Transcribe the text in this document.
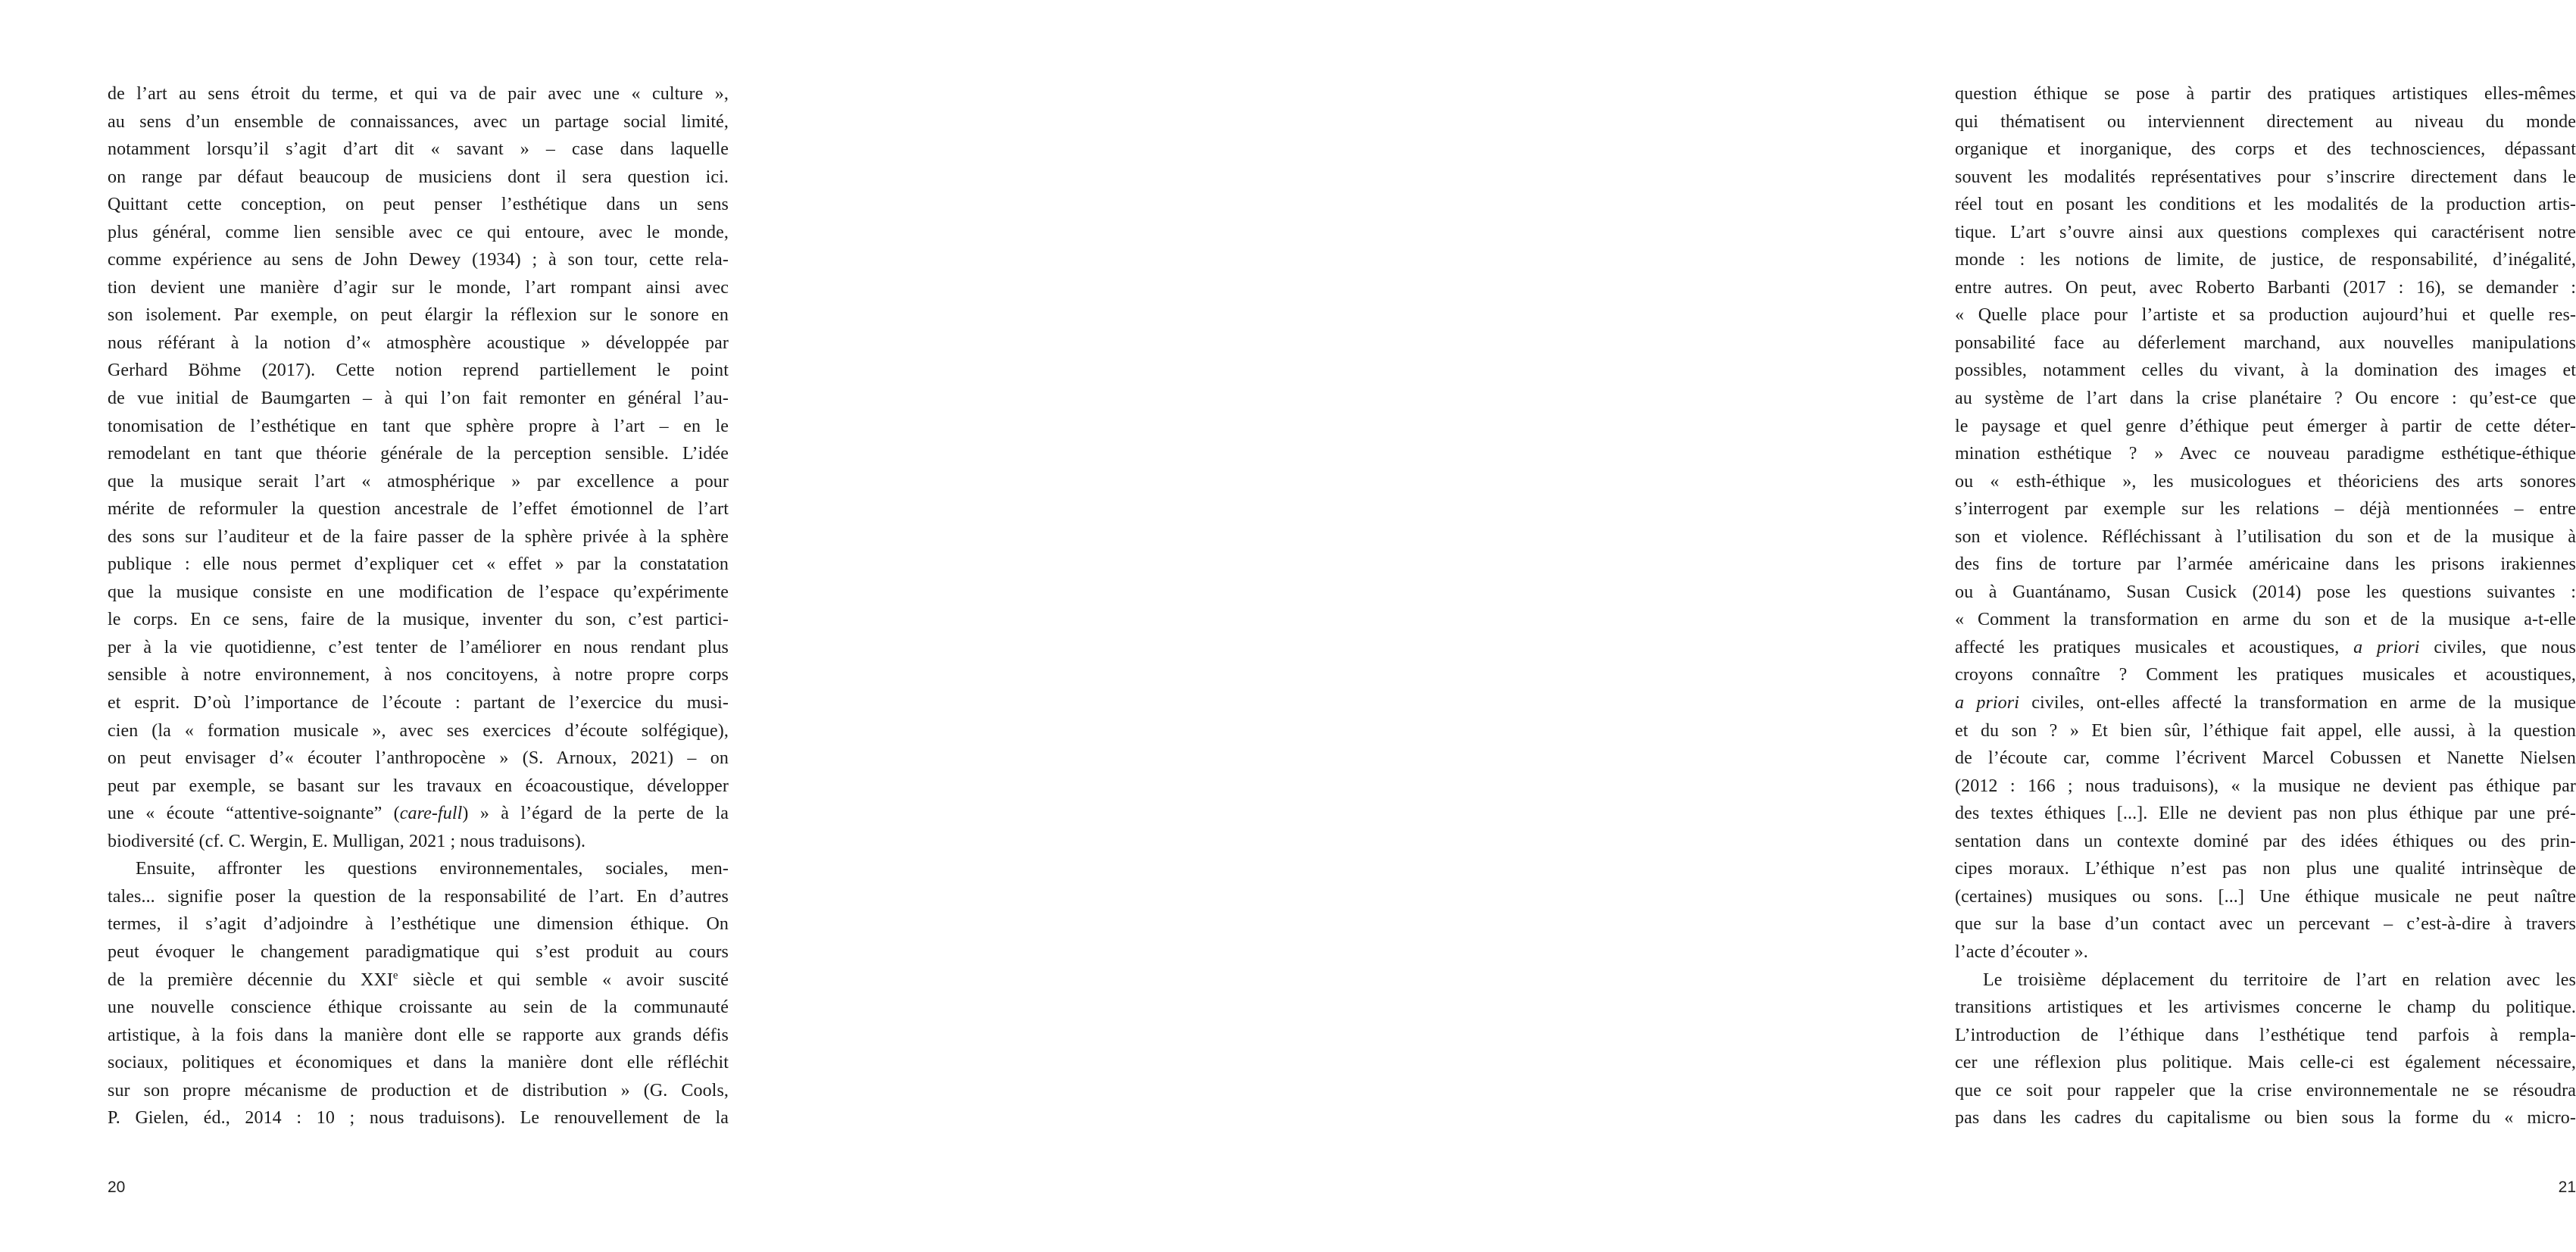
de l’art au sens étroit du terme, et qui va de pair avec une « culture »,
au sens d’un ensemble de connaissances, avec un partage social limité,
notamment lorsqu’il s’agit d’art dit « savant » – case dans laquelle
on range par défaut beaucoup de musiciens dont il sera question ici.
Quittant cette conception, on peut penser l’esthétique dans un sens
plus général, comme lien sensible avec ce qui entoure, avec le monde,
comme expérience au sens de John Dewey (1934) ; à son tour, cette rela-
tion devient une manière d’agir sur le monde, l’art rompant ainsi avec
son isolement. Par exemple, on peut élargir la réflexion sur le sonore en
nous référant à la notion d’« atmosphère acoustique » développée par
Gerhard Böhme (2017). Cette notion reprend partiellement le point
de vue initial de Baumgarten – à qui l’on fait remonter en général l’au-
tonomisation de l’esthétique en tant que sphère propre à l’art – en le
remodelant en tant que théorie générale de la perception sensible. L’idée
que la musique serait l’art « atmosphérique » par excellence a pour
mérite de reformuler la question ancestrale de l’effet émotionnel de l’art
des sons sur l’auditeur et de la faire passer de la sphère privée à la sphère
publique : elle nous permet d’expliquer cet « effet » par la constatation
que la musique consiste en une modification de l’espace qu’expérimente
le corps. En ce sens, faire de la musique, inventer du son, c’est partici-
per à la vie quotidienne, c’est tenter de l’améliorer en nous rendant plus
sensible à notre environnement, à nos concitoyens, à notre propre corps
et esprit. D’où l’importance de l’écoute : partant de l’exercice du musi-
cien (la « formation musicale », avec ses exercices d’écoute solfégique),
on peut envisager d’« écouter l’anthropocène » (S. Arnoux, 2021) – on
peut par exemple, se basant sur les travaux en écoacoustique, développer
une « écoute “attentive-soignante” (care-full) » à l’égard de la perte de la
biodiversité (cf. C. Wergin, E. Mulligan, 2021 ; nous traduisons).
Ensuite, affronter les questions environnementales, sociales, men-
tales... signifie poser la question de la responsabilité de l’art. En d’autres
termes, il s’agit d’adjoindre à l’esthétique une dimension éthique. On
peut évoquer le changement paradigmatique qui s’est produit au cours
de la première décennie du XXIe siècle et qui semble « avoir suscité
une nouvelle conscience éthique croissante au sein de la communauté
artistique, à la fois dans la manière dont elle se rapporte aux grands défis
sociaux, politiques et économiques et dans la manière dont elle réfléchit
sur son propre mécanisme de production et de distribution » (G. Cools,
P. Gielen, éd., 2014 : 10 ; nous traduisons). Le renouvellement de la
20
question éthique se pose à partir des pratiques artistiques elles-mêmes
qui thématisent ou interviennent directement au niveau du monde
organique et inorganique, des corps et des technosciences, dépassant
souvent les modalités représentatives pour s’inscrire directement dans le
réel tout en posant les conditions et les modalités de la production artis-
tique. L’art s’ouvre ainsi aux questions complexes qui caractérisent notre
monde : les notions de limite, de justice, de responsabilité, d’inégalité,
entre autres. On peut, avec Roberto Barbanti (2017 : 16), se demander :
« Quelle place pour l’artiste et sa production aujourd’hui et quelle res-
ponsabilité face au déferlement marchand, aux nouvelles manipulations
possibles, notamment celles du vivant, à la domination des images et
au système de l’art dans la crise planétaire ? Ou encore : qu’est-ce que
le paysage et quel genre d’éthique peut émerger à partir de cette déter-
mination esthétique ? » Avec ce nouveau paradigme esthétique-éthique
ou « esth-éthique », les musicologues et théoriciens des arts sonores
s’interrogent par exemple sur les relations – déjà mentionnées – entre
son et violence. Réfléchissant à l’utilisation du son et de la musique à
des fins de torture par l’armée américaine dans les prisons irakiennes
ou à Guantánamo, Susan Cusick (2014) pose les questions suivantes :
« Comment la transformation en arme du son et de la musique a-t-elle
affecté les pratiques musicales et acoustiques, a priori civiles, que nous
croyons connaître ? Comment les pratiques musicales et acoustiques,
a priori civiles, ont-elles affecté la transformation en arme de la musique
et du son ? » Et bien sûr, l’éthique fait appel, elle aussi, à la question
de l’écoute car, comme l’écrivent Marcel Cobussen et Nanette Nielsen
(2012 : 166 ; nous traduisons), « la musique ne devient pas éthique par
des textes éthiques [...]. Elle ne devient pas non plus éthique par une pré-
sentation dans un contexte dominé par des idées éthiques ou des prin-
cipes moraux. L’éthique n’est pas non plus une qualité intrinsèque de
(certaines) musiques ou sons. [...] Une éthique musicale ne peut naître
que sur la base d’un contact avec un percevant – c’est-à-dire à travers
l’acte d’écouter ».
Le troisième déplacement du territoire de l’art en relation avec les
transitions artistiques et les artivismes concerne le champ du politique.
L’introduction de l’éthique dans l’esthétique tend parfois à rempla-
cer une réflexion plus politique. Mais celle-ci est également nécessaire,
que ce soit pour rappeler que la crise environnementale ne se résoudra
pas dans les cadres du capitalisme ou bien sous la forme du « micro-
21
